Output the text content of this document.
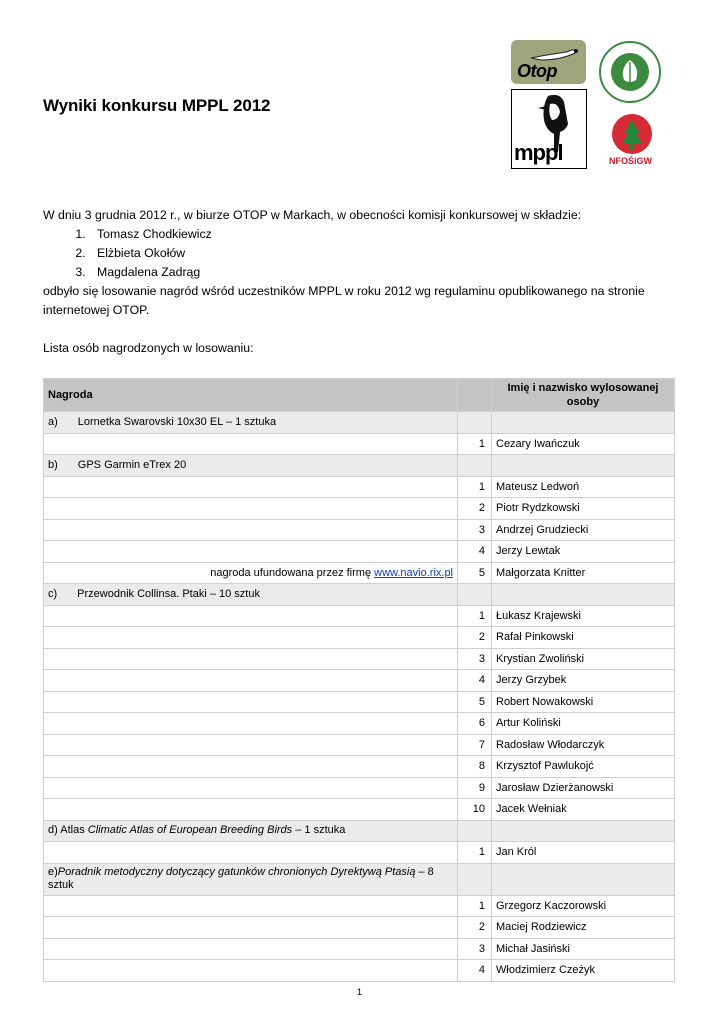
Wyniki konkursu MPPL 2012
Otop
mppl	NFOŚiGW

W dniu 3 grudnia 2012 r., w biurze OTOP w Markach, w obecności komisji konkursowej w składzie:

1. Tomasz Chodkiewicz
2. Elżbieta Okołów
3. Magdalena Zadrąg

odbyło się losowanie nagród wśród uczestników MPPL w roku 2012 wg regulaminu opublikowanego na stronie internetowej OTOP.

Lista osób nagrodzonych w losowaniu:

Nagroda		Imię i nazwisko wylosowanej osoby
a) Lornetka Swarovski 10x30 EL – 1 sztuka		
	1	Cezary Iwańczuk
b) GPS Garmin eTrex 20		
	1	Mateusz Ledwoń
	2	Piotr Rydzkowski
	3	Andrzej Grudziecki
	4	Jerzy Lewtak
nagroda ufundowana przez firmę www.navio.rix.pl	5	Małgorzata Knitter
c) Przewodnik Collinsa. Ptaki – 10 sztuk		
	1	Łukasz Krajewski
	2	Rafał Pinkowski
	3	Krystian Zwoliński
	4	Jerzy Grzybek
	5	Robert Nowakowski
	6	Artur Koliński
	7	Radosław Włodarczyk
	8	Krzysztof Pawlukojć
	9	Jarosław Dzierżanowski
	10	Jacek Wełniak
d) Atlas Climatic Atlas of European Breeding Birds – 1 sztuka		
	1	Jan Król
e)Poradnik metodyczny dotyczący gatunków chronionych Dyrektywą Ptasią – 8 sztuk		
	1	Grzegorz Kaczorowski
	2	Maciej Rodziewicz
	3	Michał Jasiński
	4	Włodzimierz Czeżyk
1
